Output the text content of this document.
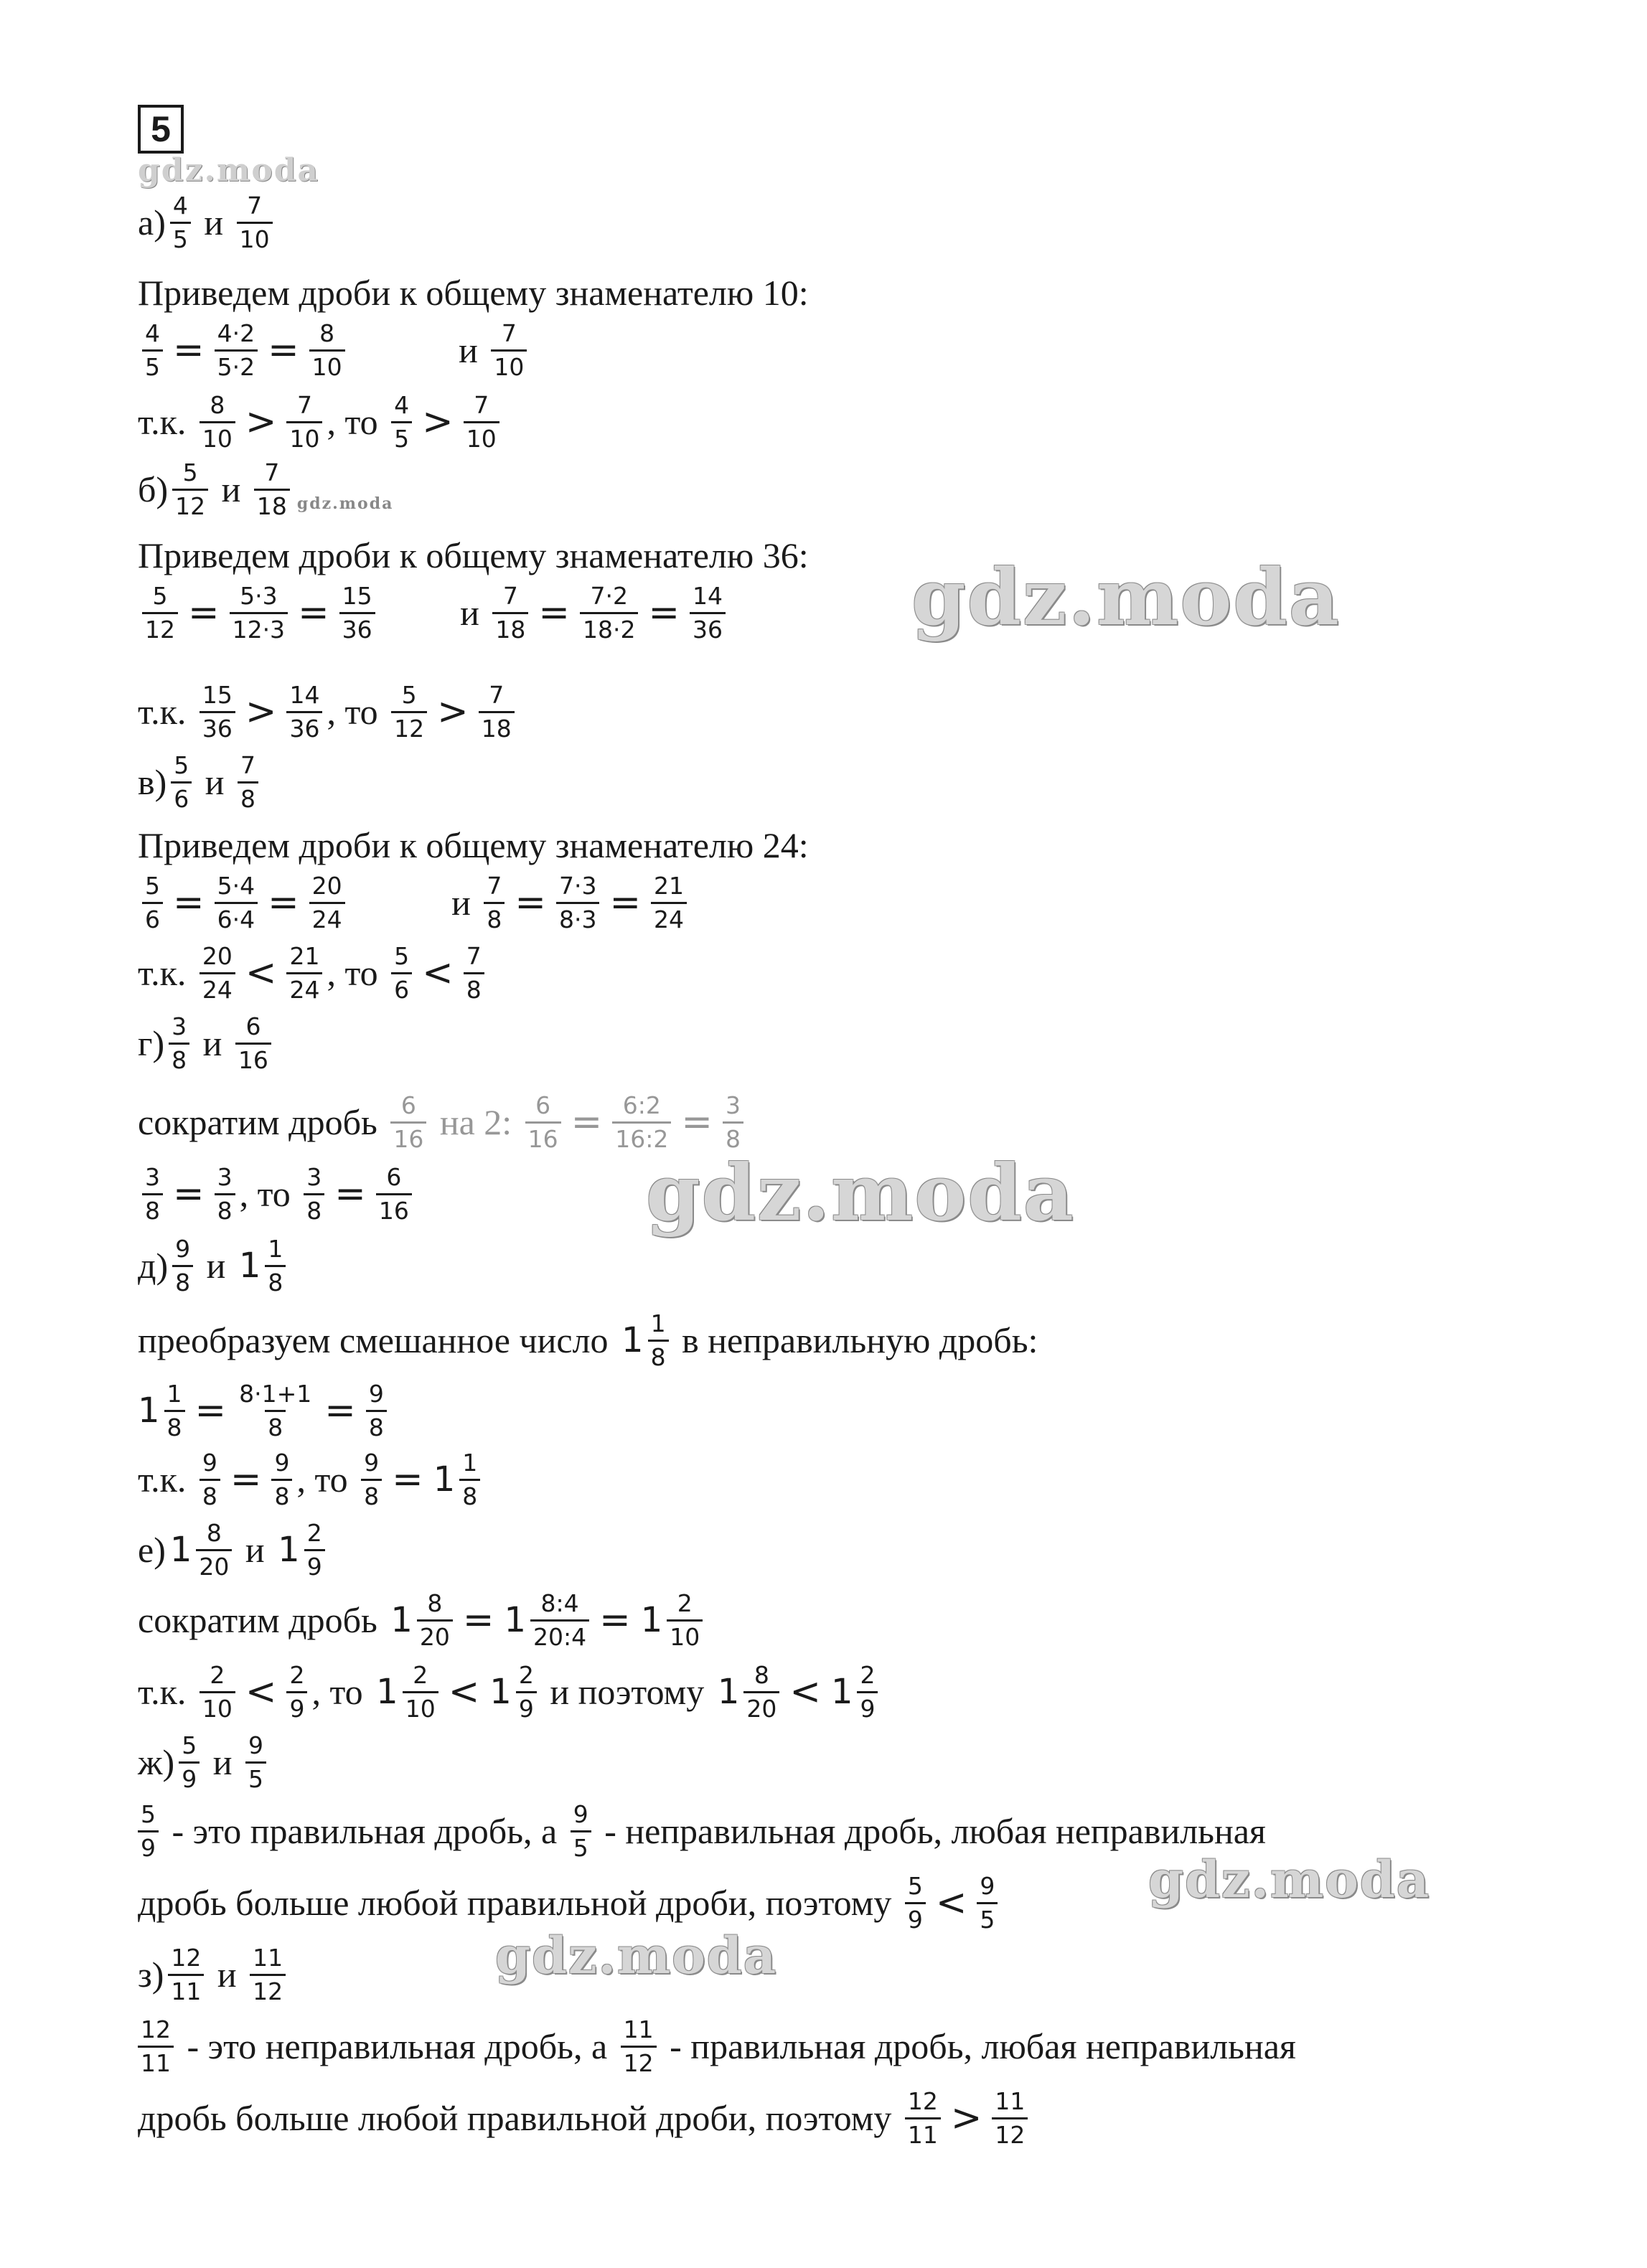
5
gdz.moda
$а) \frac{4}{5}$ и $\frac{7}{10}$
Приведем дроби к общему знаменателю 10:
$\frac{4}{5} = \frac{4\cdot 2}{5\cdot 2} = \frac{8}{10}$	и $\frac{7}{10}$
т.к. $\frac{8}{10} > \frac{7}{10}$ , то $\frac{4}{5} > \frac{7}{10}$
$б) \frac{5}{12}$ и $\frac{7}{18}$ gdz.moda
Приведем дроби к общему знаменателю 36:
$\frac{5}{12} = \frac{5\cdot 3}{12\cdot 3} = \frac{15}{36}$ и $\frac{7}{18} = \frac{7\cdot 2}{18\cdot 2} = \frac{14}{36}$ gdz.moda
т.к. $\frac{15}{36} > \frac{14}{36}$ , то $\frac{5}{12} > \frac{7}{18}$
$в) \frac{5}{6}$ и $\frac{7}{8}$
Приведем дроби к общему знаменателю 24:
$\frac{5}{6} = \frac{5\cdot 4}{6\cdot 4} = \frac{20}{24}$	и $\frac{7}{8} = \frac{7\cdot 3}{8\cdot 3} = \frac{21}{24}$
т.к. $\frac{20}{24} < \frac{21}{24}$ , то $\frac{5}{6} < \frac{7}{8}$
$г) \frac{3}{8}$ и $\frac{6}{16}$
сократим дробь $\frac{6}{16}$ на 2: $\frac{6}{16} = \frac{6:2}{16:2} = \frac{3}{8}$
$\frac{3}{8} = \frac{3}{8}$ , то $\frac{3}{8} = \frac{6}{16}$	gdz.moda
$д) \frac{9}{8}$ и $1 \frac{1}{8}$
преобразуем смешанное число $1 \frac{1}{8}$ в неправильную дробь:
$1 \frac{1}{8} = \frac{8\cdot 1+1}{8} = \frac{9}{8}$
т.к. $\frac{9}{8} = \frac{9}{8}$ , то $\frac{9}{8} = 1 \frac{1}{8}$
е) $1 \frac{8}{20}$ и $1 \frac{2}{9}$
сократим дробь $1 \frac{8}{20} = 1 \frac{8:4}{20:4} = 1 \frac{2}{10}$
т.к. $\frac{2}{10} < \frac{2}{9}$ , то $1 \frac{2}{10} < 1 \frac{2}{9}$ и поэтому $1 \frac{8}{20} < 1 \frac{2}{9}$
$ж) \frac{5}{9}$ и $\frac{9}{5}$
$\frac{5}{9}$ - это правильная дробь, а $\frac{9}{5}$ - неправильная дробь, любая неправильная
дробь больше любой правильной дроби, поэтому $\frac{5}{9} < \frac{9}{5}$	gdz.moda
$з) \frac{12}{11}$ и $\frac{11}{12}$	gdz.moda
$\frac{12}{11}$ - это неправильная дробь, а $\frac{11}{12}$ - правильная дробь, любая неправильная
дробь больше любой правильной дроби, поэтому $\frac{12}{11} > \frac{11}{12}$
